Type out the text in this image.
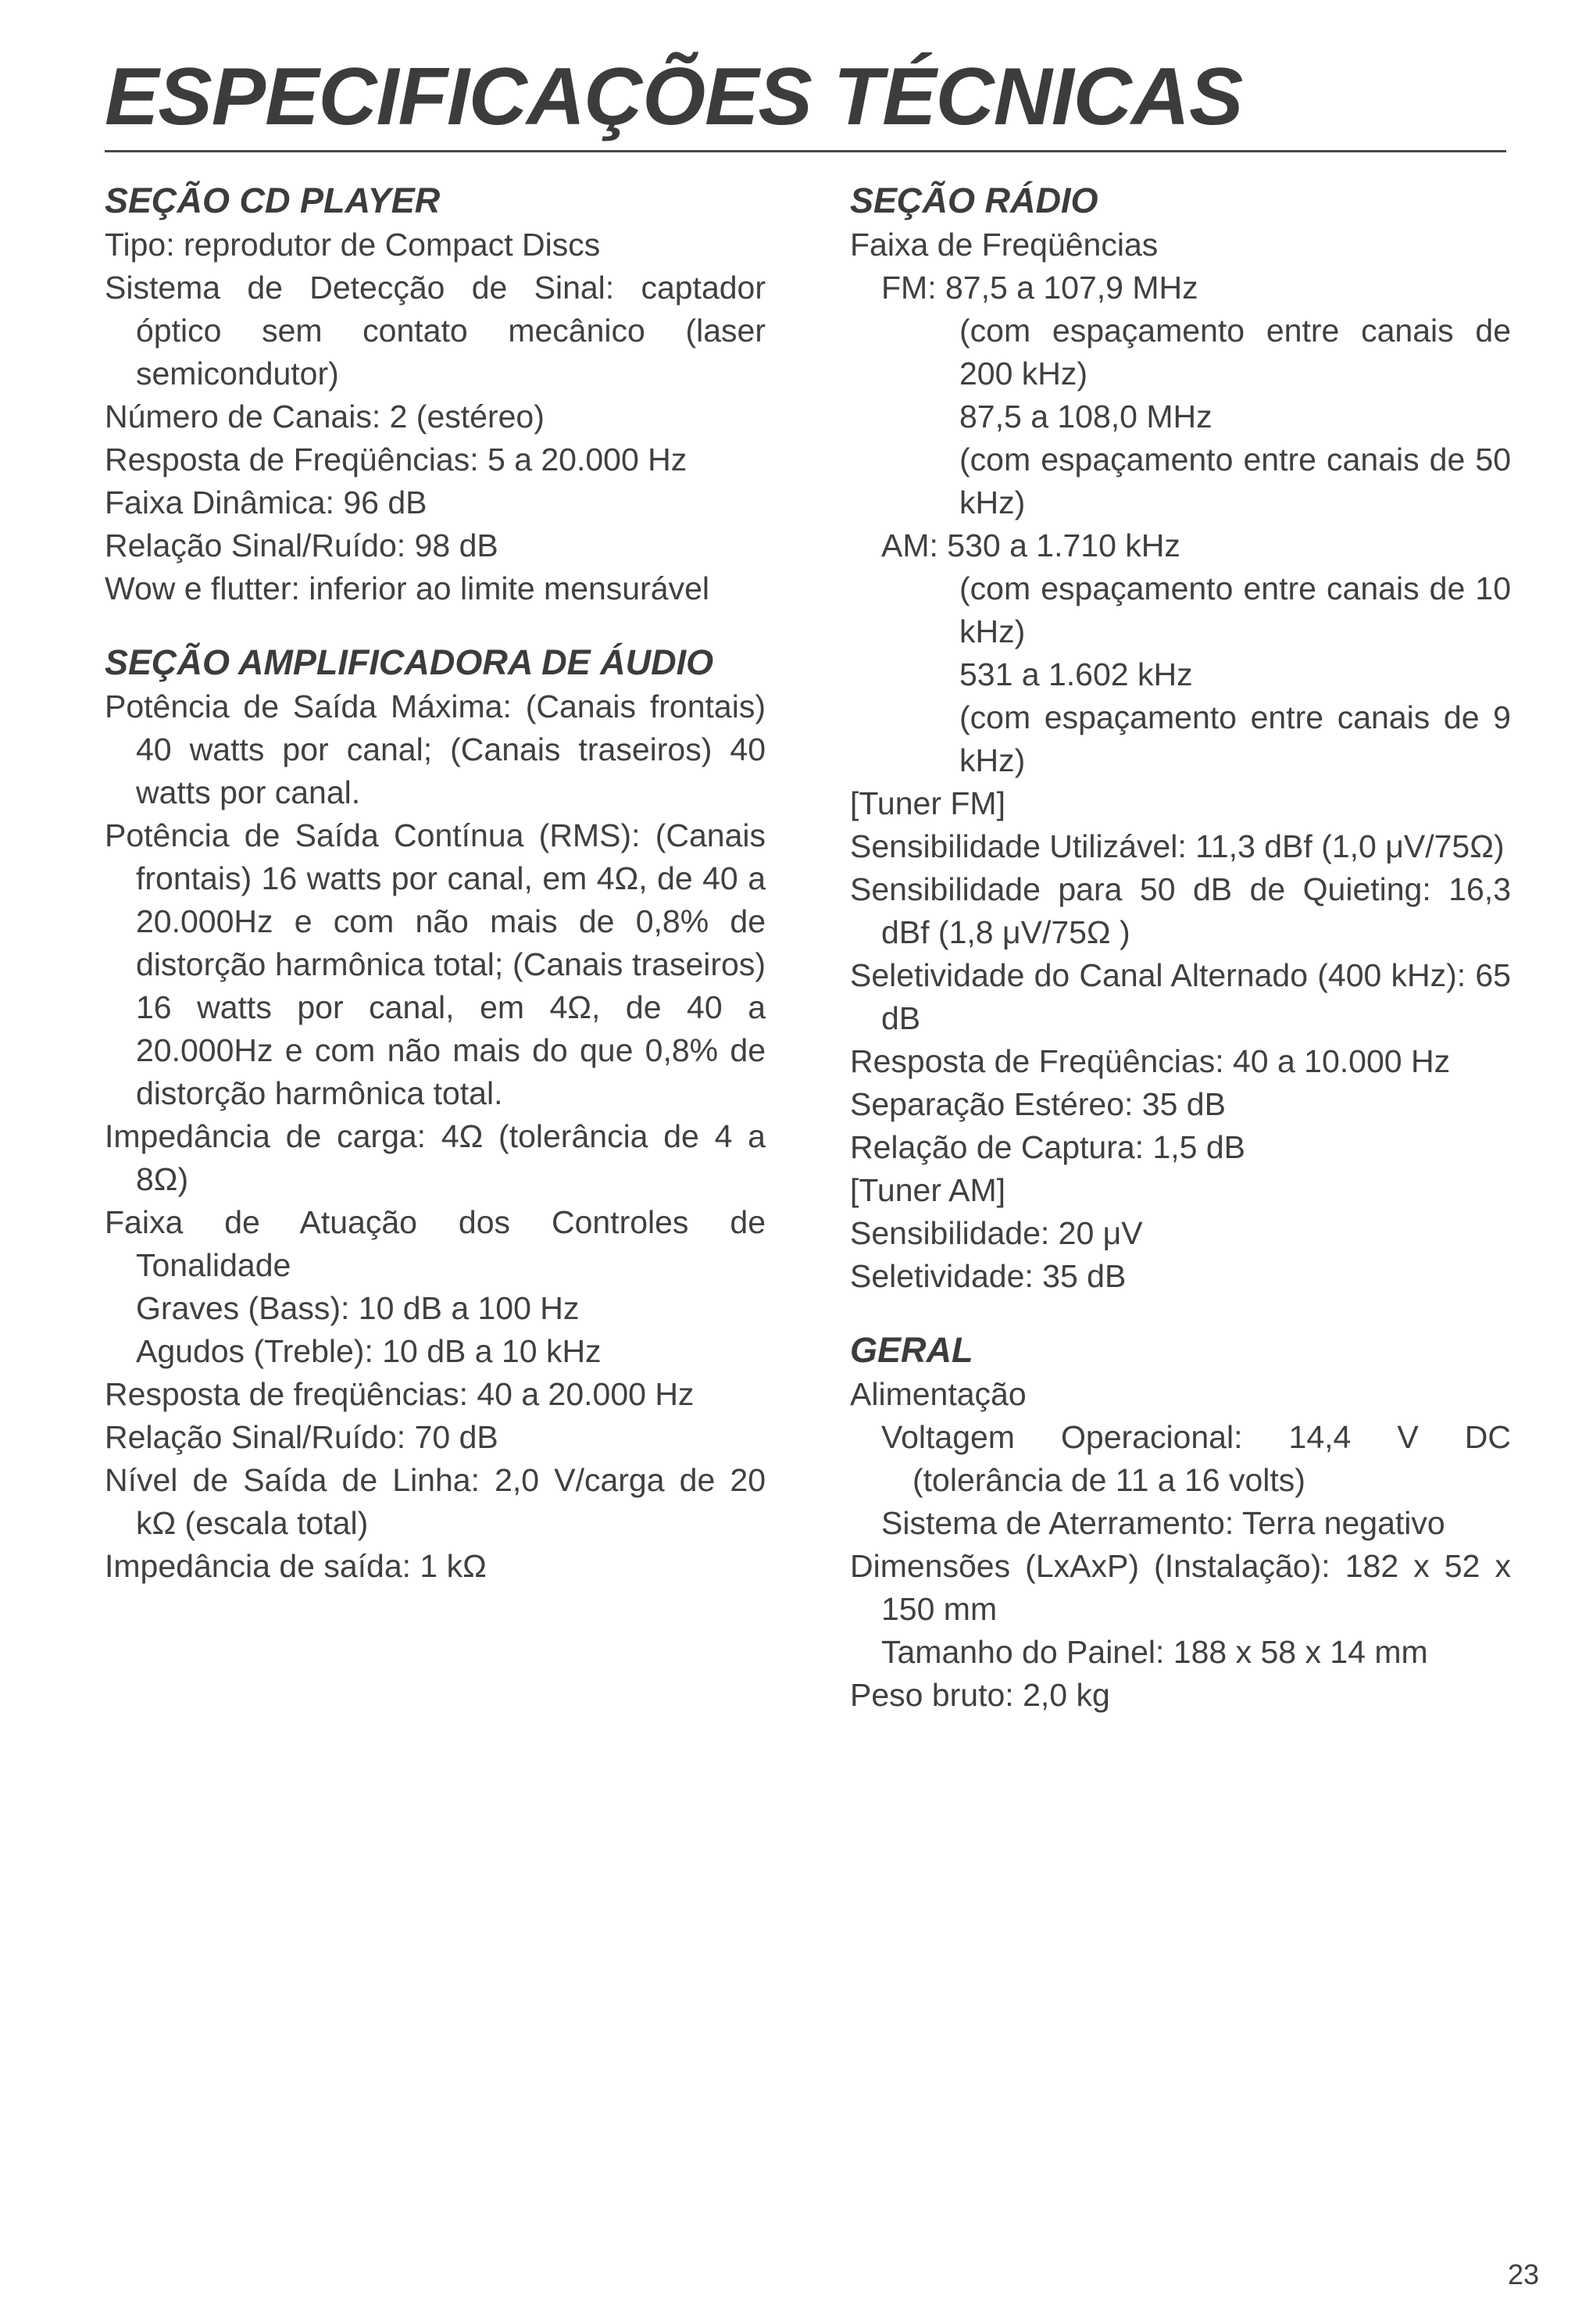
ESPECIFICAÇÕES TÉCNICAS
SEÇÃO CD PLAYER

Tipo: reprodutor de Compact Discs

Sistema de Detecção de Sinal: captador óptico sem contato mecânico (laser semicondutor)

Número de Canais: 2 (estéreo)

Resposta de Freqüências: 5 a 20.000 Hz

Faixa Dinâmica: 96 dB

Relação Sinal/Ruído: 98 dB

Wow e flutter: inferior ao limite mensurável

SEÇÃO AMPLIFICADORA DE ÁUDIO

Potência de Saída Máxima: (Canais frontais) 40 watts por canal; (Canais traseiros) 40 watts por canal.

Potência de Saída Contínua (RMS): (Canais frontais) 16 watts por canal, em 4Ω, de 40 a 20.000Hz e com não mais de 0,8% de distorção harmônica total; (Canais traseiros) 16 watts por canal, em 4Ω, de 40 a 20.000Hz e com não mais do que 0,8% de distorção harmônica total.

Impedância de carga: 4Ω (tolerância de 4 a 8Ω)

Faixa de Atuação dos Controles de Tonalidade

Graves (Bass): 10 dB a 100 Hz

Agudos (Treble): 10 dB a 10 kHz

Resposta de freqüências: 40 a 20.000 Hz

Relação Sinal/Ruído: 70 dB

Nível de Saída de Linha: 2,0 V/carga de 20 kΩ (escala total)

Impedância de saída: 1 kΩ

SEÇÃO RÁDIO

Faixa de Freqüências

FM: 87,5 a 107,9 MHz

(com espaçamento entre canais de 200 kHz)

87,5 a 108,0 MHz

(com espaçamento entre canais de 50 kHz)

AM: 530 a 1.710 kHz

(com espaçamento entre canais de 10 kHz)

531 a 1.602 kHz

(com espaçamento entre canais de 9 kHz)

[Tuner FM]

Sensibilidade Utilizável: 11,3 dBf (1,0 μV/75Ω)

Sensibilidade para 50 dB de Quieting: 16,3 dBf (1,8 μV/75Ω )

Seletividade do Canal Alternado (400 kHz): 65 dB

Resposta de Freqüências: 40 a 10.000 Hz

Separação Estéreo: 35 dB

Relação de Captura: 1,5 dB

[Tuner AM]

Sensibilidade: 20 μV

Seletividade: 35 dB

GERAL

Alimentação

Voltagem Operacional: 14,4 V DC (tolerância de 11 a 16 volts)

Sistema de Aterramento: Terra negativo

Dimensões (LxAxP) (Instalação): 182 x 52 x 150 mm

Tamanho do Painel: 188 x 58 x 14 mm

Peso bruto: 2,0 kg

23
